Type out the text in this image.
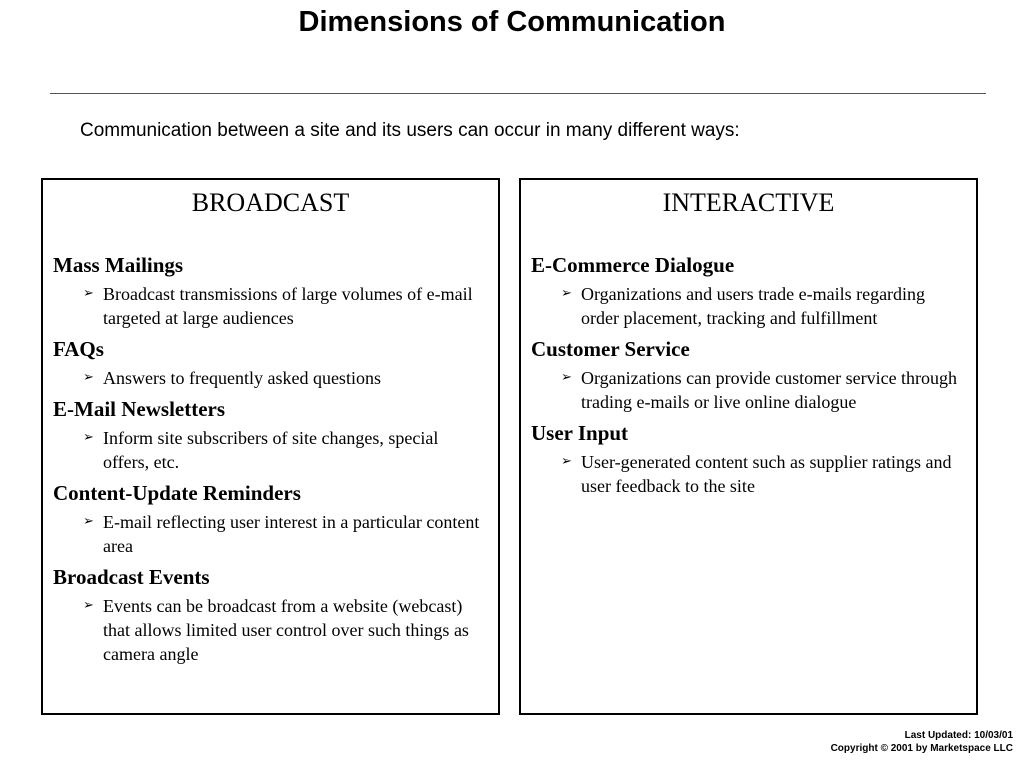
Dimensions of Communication

Communication between a site and its users can occur in many different ways:

BROADCAST
Mass Mailings
➢ Broadcast transmissions of large volumes of e-mail targeted at large audiences
FAQs
➢ Answers to frequently asked questions
E-Mail Newsletters
➢ Inform site subscribers of site changes, special offers, etc.
Content-Update Reminders
➢ E-mail reflecting user interest in a particular content area
Broadcast Events
➢ Events can be broadcast from a website (webcast) that allows limited user control over such things as camera angle
INTERACTIVE
E-Commerce Dialogue
➢ Organizations and users trade e-mails regarding order placement, tracking and fulfillment
Customer Service
➢ Organizations can provide customer service through trading e-mails or live online dialogue
User Input
➢ User-generated content such as supplier ratings and user feedback to the site
Last Updated: 10/03/01
Copyright © 2001 by Marketspace LLC
